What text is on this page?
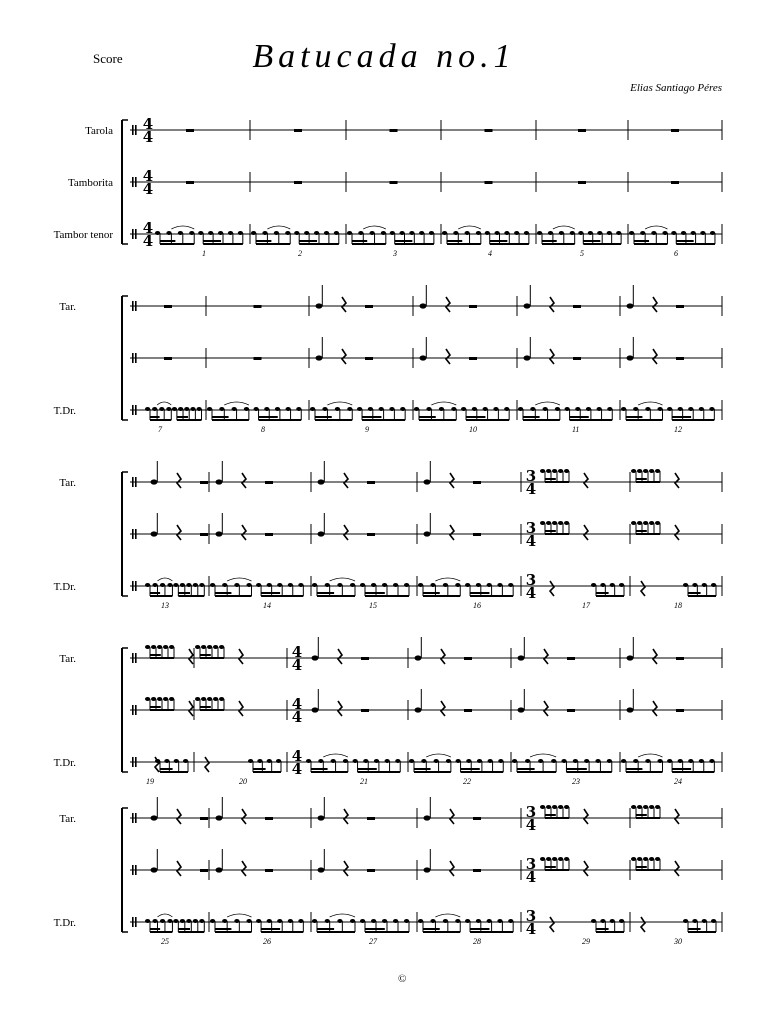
Score	Batucada no.1
Elias Santiago Péres
Tarola 4
4
Tamborita 4
4
Tambor tenor 4
4
1	2	3	4	5	6
Tar.
T.Dr.
7	8	9	10	11	12
Tar.	3
4
3
4
T.Dr.	3
4
13	14	15	16	17	18
Tar.	4
4
4
4
T.Dr.	4
4
19	20	21	22	23	24
Tar.	3
4
3
4
T.Dr.	3
4
25	26	27	28	29	30
©
